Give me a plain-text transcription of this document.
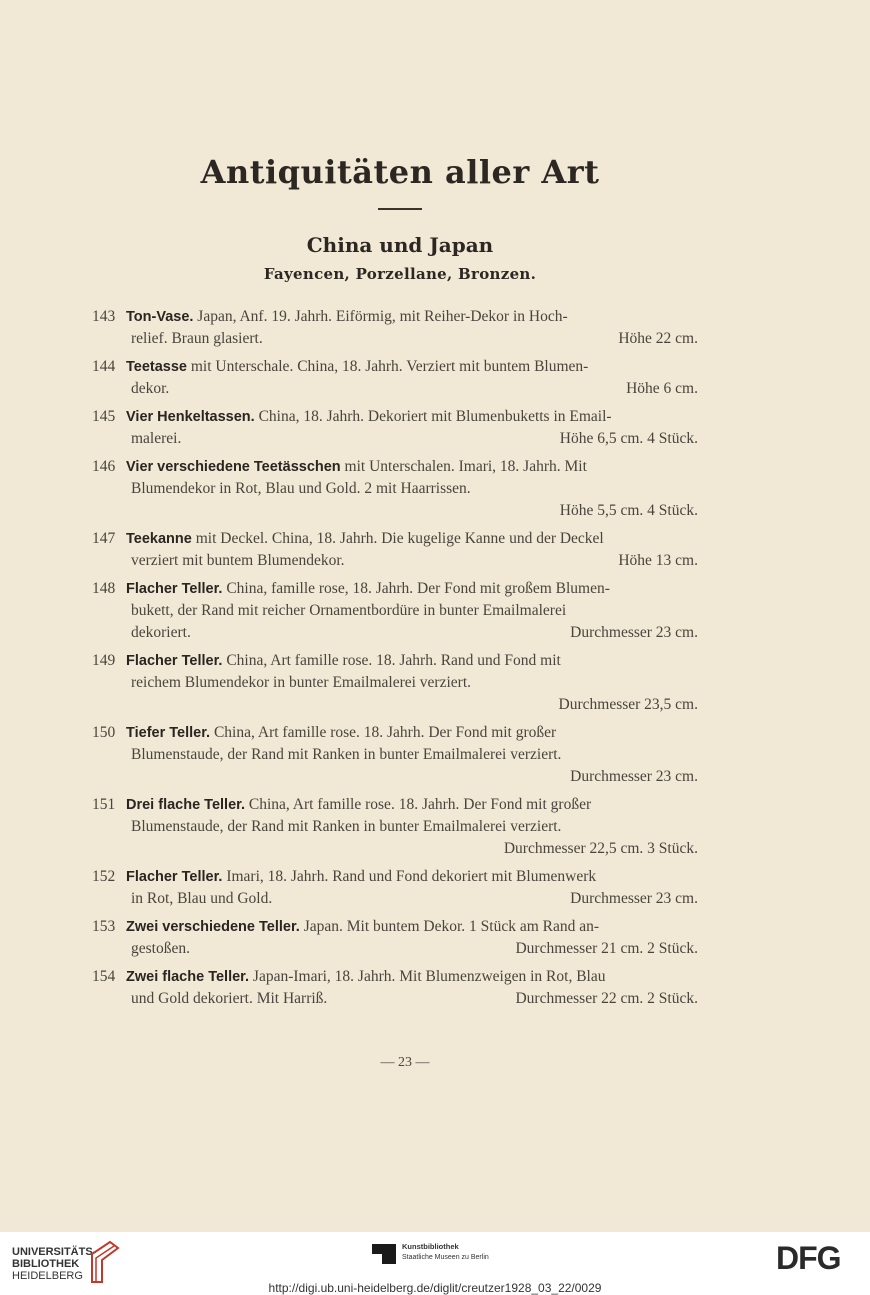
Antiquitäten aller Art
China und Japan
Fayencen, Porzellane, Bronzen.
143 Ton-Vase. Japan, Anf. 19. Jahrh. Eiförmig, mit Reiher-Dekor in Hoch-
relief. Braun glasiert.	Höhe 22 cm.
144 Teetasse mit Unterschale. China, 18. Jahrh. Verziert mit buntem Blumen-
dekor.	Höhe 6 cm.
145 Vier Henkeltassen. China, 18. Jahrh. Dekoriert mit Blumenbuketts in Email-
malerei.	Höhe 6,5 cm. 4 Stück.
146 Vier verschiedene Teetässchen mit Unterschalen. Imari, 18. Jahrh. Mit
Blumendekor in Rot, Blau und Gold. 2 mit Haarrissen.
Höhe 5,5 cm. 4 Stück.
147 Teekanne mit Deckel. China, 18. Jahrh. Die kugelige Kanne und der Deckel
verziert mit buntem Blumendekor.	Höhe 13 cm.
148 Flacher Teller. China, famille rose, 18. Jahrh. Der Fond mit großem Blumen-
bukett, der Rand mit reicher Ornamentbordüre in bunter Emailmalerei
dekoriert.	Durchmesser 23 cm.
149 Flacher Teller. China, Art famille rose. 18. Jahrh. Rand und Fond mit
reichem Blumendekor in bunter Emailmalerei verziert.
Durchmesser 23,5 cm.
150 Tiefer Teller. China, Art famille rose. 18. Jahrh. Der Fond mit großer
Blumenstaude, der Rand mit Ranken in bunter Emailmalerei verziert.
Durchmesser 23 cm.
151 Drei flache Teller. China, Art famille rose. 18. Jahrh. Der Fond mit großer
Blumenstaude, der Rand mit Ranken in bunter Emailmalerei verziert.
Durchmesser 22,5 cm. 3 Stück.
152 Flacher Teller. Imari, 18. Jahrh. Rand und Fond dekoriert mit Blumenwerk
in Rot, Blau und Gold.	Durchmesser 23 cm.
153 Zwei verschiedene Teller. Japan. Mit buntem Dekor. 1 Stück am Rand an-
gestoßen.	Durchmesser 21 cm. 2 Stück.
154 Zwei flache Teller. Japan-Imari, 18. Jahrh. Mit Blumenzweigen in Rot, Blau
und Gold dekoriert. Mit Harriß.	Durchmesser 22 cm. 2 Stück.
— 23 —
UNIVERSITÄTS-
BIBLIOTHEK
HEIDELBERG
Kunstbibliothek
Staatliche Museen zu Berlin	DFG
http://digi.ub.uni-heidelberg.de/diglit/creutzer1928_03_22/0029
